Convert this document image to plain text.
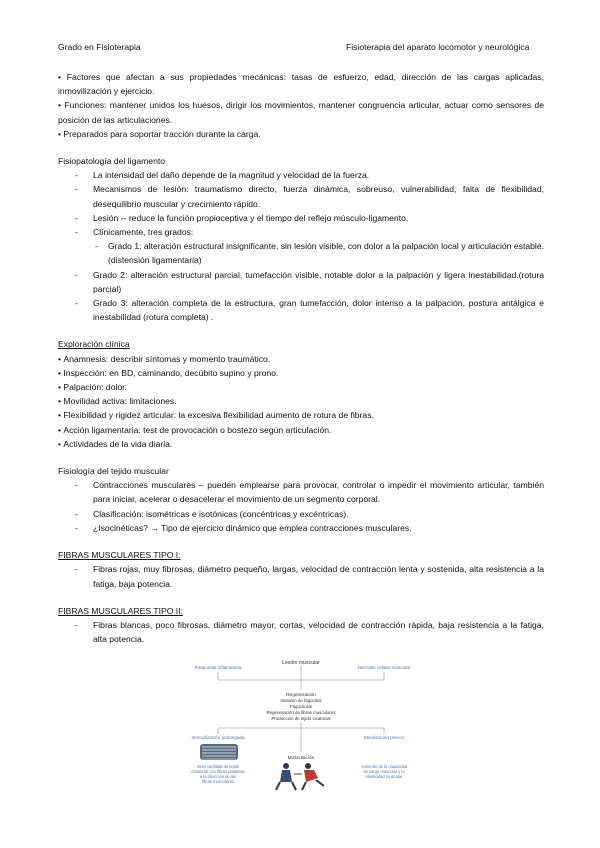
Grado en Fisioterapia	Fisioterapia del aparato locomotor y neurológica

• Factores que afectan a sus propiedades mecánicas: tasas de esfuerzo, edad, dirección de las cargas aplicadas, inmovilización y ejercicio.

• Funciones: mantener unidos los huesos, dirigir los movimientos, mantener congruencia articular, actuar como sensores de posición de las articulaciones.

• Preparados para soportar tracción durante la carga.

Fisiopatología del ligamento

- La intensidad del daño depende de la magnitud y velocidad de la fuerza.
- Mecanismos de lesión: traumatismo directo, fuerza dinámica, sobreuso, vulnerabilidad, falta de flexibilidad, desequilibrio muscular y crecimiento rápido.
- Lesión -- reduce la función propioceptiva y el tiempo del reflejo músculo-ligamento.
- Clínicamente, tres grados:
- Grado 1: alteración estructural insignificante, sin lesión visible, con dolor a la palpación local y articulación estable. (distensión ligamentaria)
- Grado 2: alteración estructural parcial, tumefacción visible, notable dolor a la palpación y ligera inestabilidad.(rotura parcial)
- Grado 3: alteración completa de la estructura, gran tumefacción, dolor intenso a la palpación, postura antálgica e inestabilidad (rotura completa) .

Exploración clínica

• Anamnesis: describir síntomas y momento traumático.

• Inspección: en BD, caminando, decúbito supino y prono.

• Palpación: dolor.

• Movilidad activa: limitaciones.

• Flexibilidad y rigidez articular: la excesiva flexibilidad aumento de rotura de fibras.

• Acción ligamentaria: test de provocación o bostezo según articulación.

• Actividades de la vida diaria.

Fisiología del tejido muscular

- Contracciones musculares – pueden emplearse para provocar, controlar o impedir el movimiento articular, también para iniciar, acelerar o desacelerar el movimiento de un segmento corporal.
- Clasificación: isométricas e isotónicas (concéntricas y excéntricas).
- ¿Isocinéticas? → Tipo de ejercicio dinámico que emplea contracciones musculares.

FIBRAS MUSCULARES TIPO I:

- Fibras rojas, muy fibrosas, diámetro pequeño, largas, velocidad de contracción lenta y sostenida, alta resistencia a la fatiga, baja potencia.

FIBRAS MUSCULARES TIPO II:

- Fibras blancas, poco fibrosas, diámetro mayor, cortas, velocidad de contracción rápida, baja resistencia a la fatiga, alta potencia.
Lesión muscular
Respuesta inflamatoria	Necrosis celular muscular
Regeneración
Invasión de fagocitos
Fagocitosis
Regeneración de fibras musculares
Producción de tejido cicatricial
Inmovilización prolongada	Movilización precoz
Musculación
Gran cantidad de tejido
cicatricial con fibras paralelas
a la dirección de las
fibras musculares
Aumento de la capacidad
de carga muscular y la
elasticidad muscular
